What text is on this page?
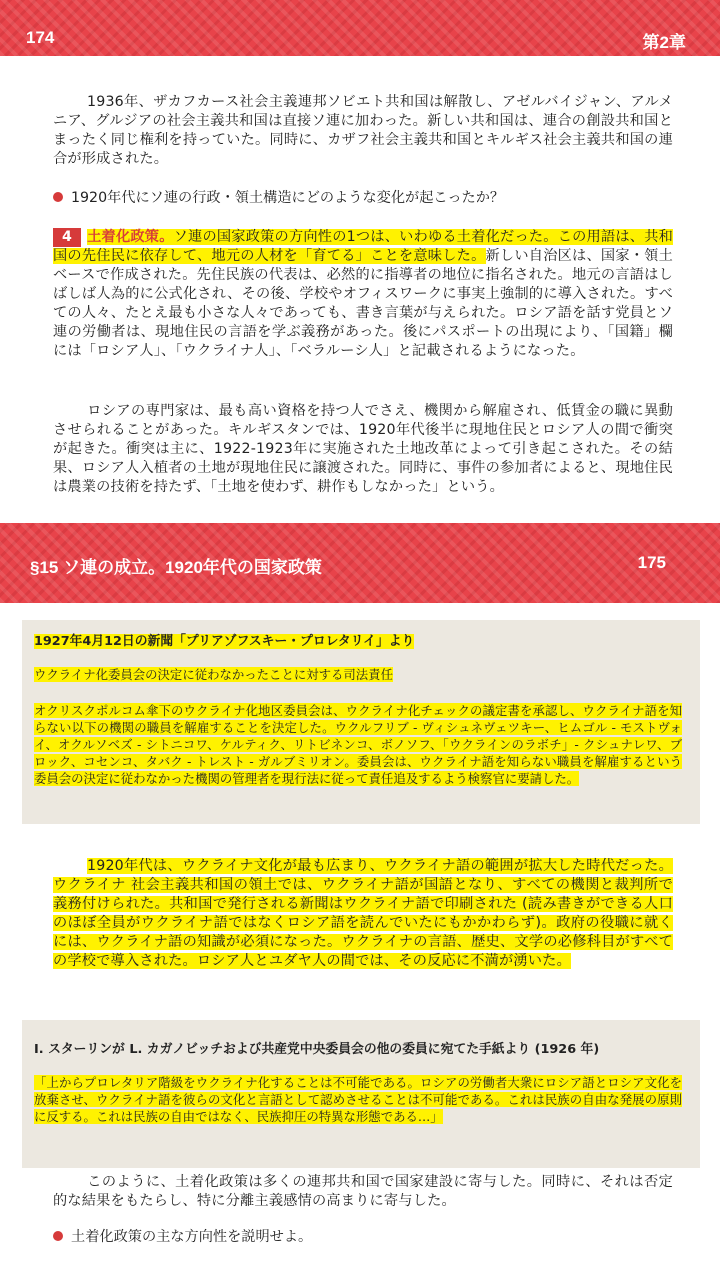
174	第2章
1936年、ザカフカース社会主義連邦ソビエト共和国は解散し、アゼルバイジャン、アルメニア、グルジアの社会主義共和国は直接ソ連に加わった。新しい共和国は、連合の創設共和国とまったく同じ権利を持っていた。同時に、カザフ社会主義共和国とキルギス社会主義共和国の連合が形成された。
1920年代にソ連の行政・領土構造にどのような変化が起こったか？
4 土着化政策。ソ連の国家政策の方向性の1つは、いわゆる土着化だった。この用語は、共和国の先住民に依存して、地元の人材を「育てる」ことを意味した。新しい自治区は、国家・領土ベースで作成された。先住民族の代表は、必然的に指導者の地位に指名された。地元の言語はしばしば人為的に公式化され、その後、学校やオフィスワークに事実上強制的に導入された。すべての人々、たとえ最も小さな人々であっても、書き言葉が与えられた。ロシア語を話す党員とソ連の労働者は、現地住民の言語を学ぶ義務があった。後にパスポートの出現により、「国籍」欄には「ロシア人」、「ウクライナ人」、「ベラルーシ人」と記載されるようになった。
ロシアの専門家は、最も高い資格を持つ人でさえ、機関から解雇され、低賃金の職に異動させられることがあった。キルギスタンでは、1920年代後半に現地住民とロシア人の間で衝突が起きた。衝突は主に、1922-1923年に実施された土地改革によって引き起こされた。その結果、ロシア人入植者の土地が現地住民に譲渡された。同時に、事件の参加者によると、現地住民は農業の技術を持たず、「土地を使わず、耕作もしなかった」という。
§15 ソ連の成立。1920年代の国家政策	175
1927年4月12日の新聞「プリアゾフスキー・プロレタリイ」より
ウクライナ化委員会の決定に従わなかったことに対する司法責任
オクリスクポルコム傘下のウクライナ化地区委員会は、ウクライナ化チェックの議定書を承認し、ウクライナ語を知らない以下の機関の職員を解雇することを決定した。ウクルフリブ - ヴィシュネヴェツキー、ヒムゴル - モストヴォイ、オクルソベズ - シトニコワ、ケルティク、リトビネンコ、ボノソフ、「ウクラインのラボチ」- クシュナレワ、ブロック、コセンコ、タバク - トレスト - ガルブミリオン。委員会は、ウクライナ語を知らない職員を解雇するという委員会の決定に従わなかった機関の管理者を現行法に従って責任追及するよう検察官に要請した。
1920年代は、ウクライナ文化が最も広まり、ウクライナ語の範囲が拡大した時代だった。ウクライナ 社会主義共和国の領土では、ウクライナ語が国語となり、すべての機関と裁判所で義務付けられた。共和国で発行される新聞はウクライナ語で印刷された (読み書きができる人口のほぼ全員がウクライナ語ではなくロシア語を読んでいたにもかかわらず)。政府の役職に就くには、ウクライナ語の知識が必須になった。ウクライナの言語、歴史、文学の必修科目がすべての学校で導入された。ロシア人とユダヤ人の間では、その反応に不満が湧いた。
I. スターリンが L. カガノビッチおよび共産党中央委員会の他の委員に宛てた手紙より (1926 年)
「上からプロレタリア階級をウクライナ化することは不可能である。ロシアの労働者大衆にロシア語とロシア文化を放棄させ、ウクライナ語を彼らの文化と言語として認めさせることは不可能である。これは民族の自由な発展の原則に反する。これは民族の自由ではなく、民族抑圧の特異な形態である…」
このように、土着化政策は多くの連邦共和国で国家建設に寄与した。同時に、それは否定的な結果をもたらし、特に分離主義感情の高まりに寄与した。
土着化政策の主な方向性を説明せよ。
